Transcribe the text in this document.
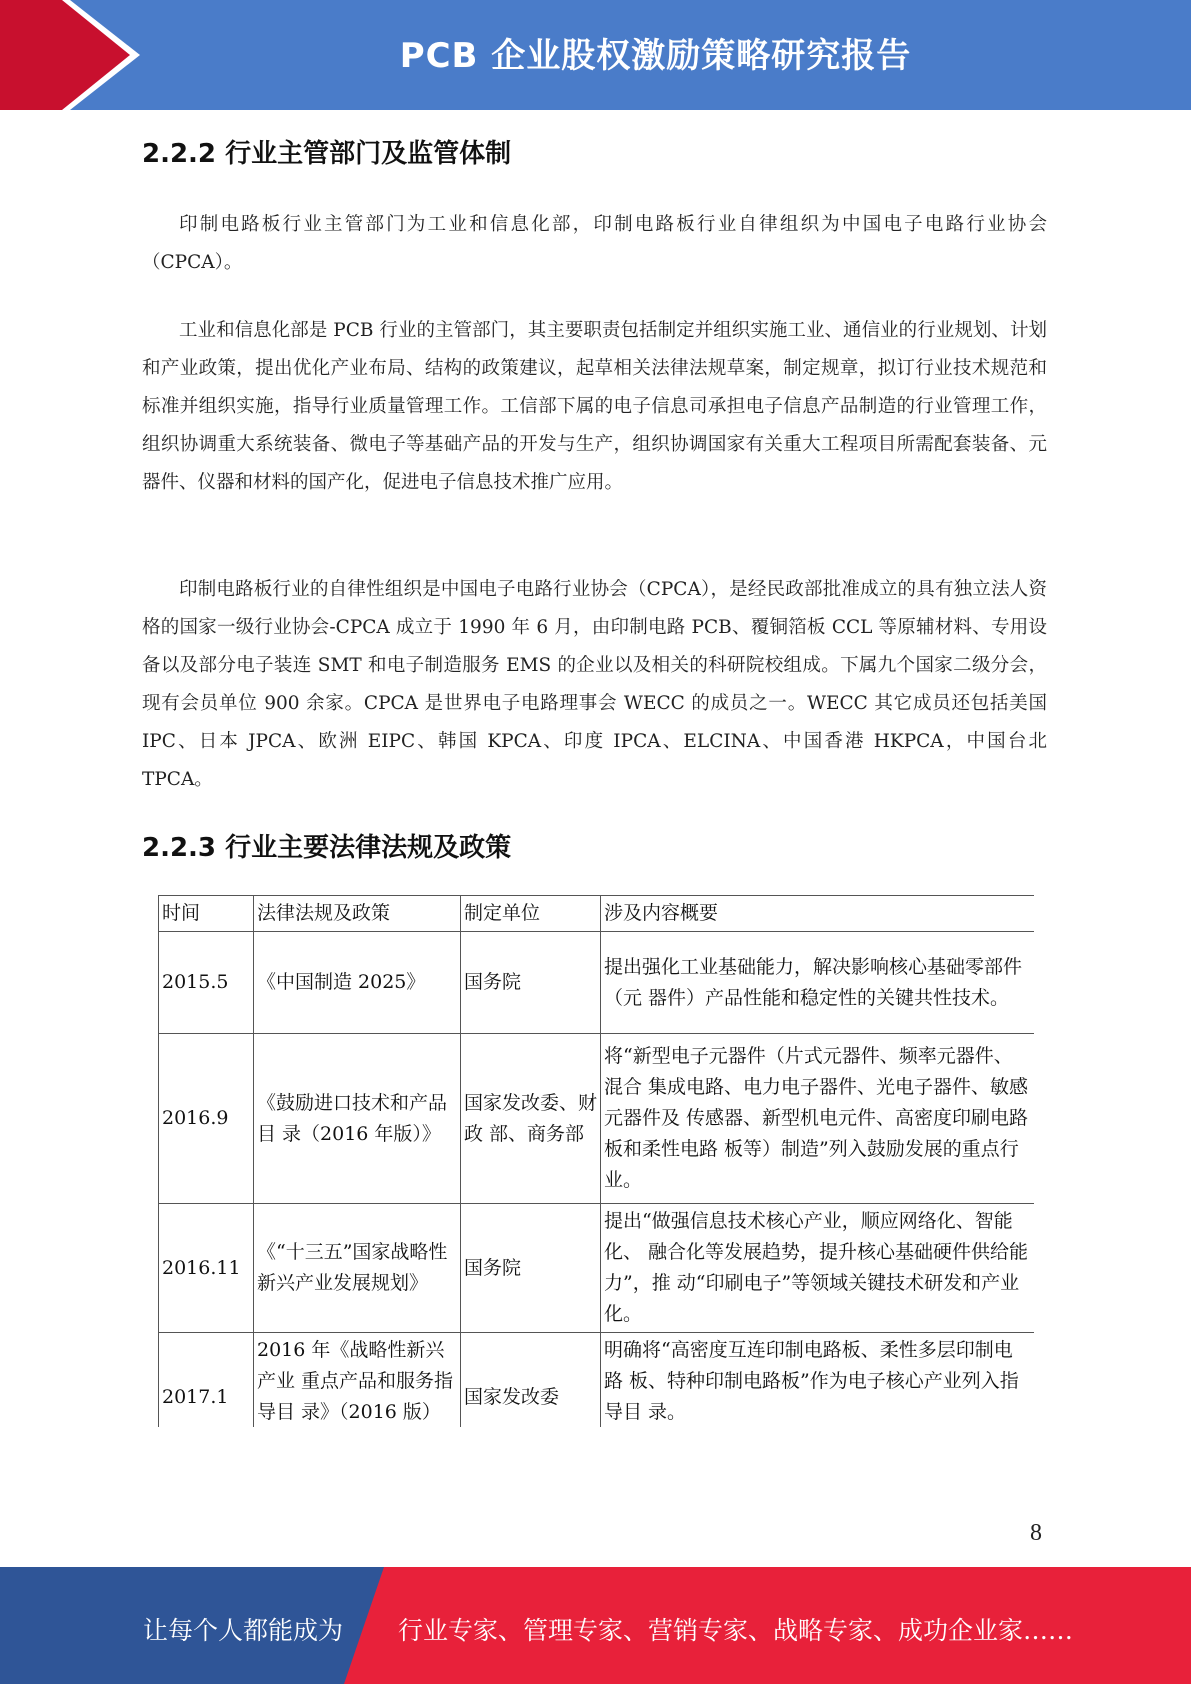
PCB 企业股权激励策略研究报告
2.2.2 行业主管部门及监管体制
印制电路板行业主管部门为工业和信息化部，印制电路板行业自律组织为中国电子电路行业协会（CPCA）。
工业和信息化部是 PCB 行业的主管部门，其主要职责包括制定并组织实施工业、通信业的行业规划、计划和产业政策，提出优化产业布局、结构的政策建议，起草相关法律法规草案，制定规章，拟订行业技术规范和标准并组织实施，指导行业质量管理工作。工信部下属的电子信息司承担电子信息产品制造的行业管理工作，组织协调重大系统装备、微电子等基础产品的开发与生产，组织协调国家有关重大工程项目所需配套装备、元器件、仪器和材料的国产化，促进电子信息技术推广应用。
印制电路板行业的自律性组织是中国电子电路行业协会（CPCA），是经民政部批准成立的具有独立法人资格的国家一级行业协会-CPCA 成立于 1990 年 6 月，由印制电路 PCB、覆铜箔板 CCL 等原辅材料、专用设备以及部分电子装连 SMT 和电子制造服务 EMS 的企业以及相关的科研院校组成。下属九个国家二级分会，现有会员单位 900 余家。CPCA 是世界电子电路理事会 WECC 的成员之一。WECC 其它成员还包括美国 IPC、日本 JPCA、欧洲 EIPC、韩国 KPCA、印度 IPCA、ELCINA、中国香港 HKPCA，中国台北 TPCA。
2.2.3 行业主要法律法规及政策
时间	法律法规及政策	制定单位	涉及内容概要
2015.5	《中国制造 2025》	国务院	提出强化工业基础能力，解决影响核心基础零部件（元 器件）产品性能和稳定性的关键共性技术。
2016.9	《鼓励进口技术和产品目 录（2016 年版）》	国家发改委、财政 部、商务部	将“新型电子元器件（片式元器件、频率元器件、混合 集成电路、电力电子器件、光电子器件、敏感元器件及 传感器、新型机电元件、高密度印刷电路板和柔性电路 板等）制造”列入鼓励发展的重点行业。
2016.11	《“十三五”国家战略性 新兴产业发展规划》	国务院	提出“做强信息技术核心产业，顺应网络化、智能化、 融合化等发展趋势，提升核心基础硬件供给能力”，推 动“印刷电子”等领域关键技术研发和产业化。
2017.1	2016 年《战略性新兴产业 重点产品和服务指导目 录》（2016 版）	国家发改委	明确将“高密度互连印制电路板、柔性多层印制电路 板、特种印制电路板”作为电子核心产业列入指导目 录。
8
让每个人都能成为 行业专家、管理专家、营销专家、战略专家、成功企业家……
